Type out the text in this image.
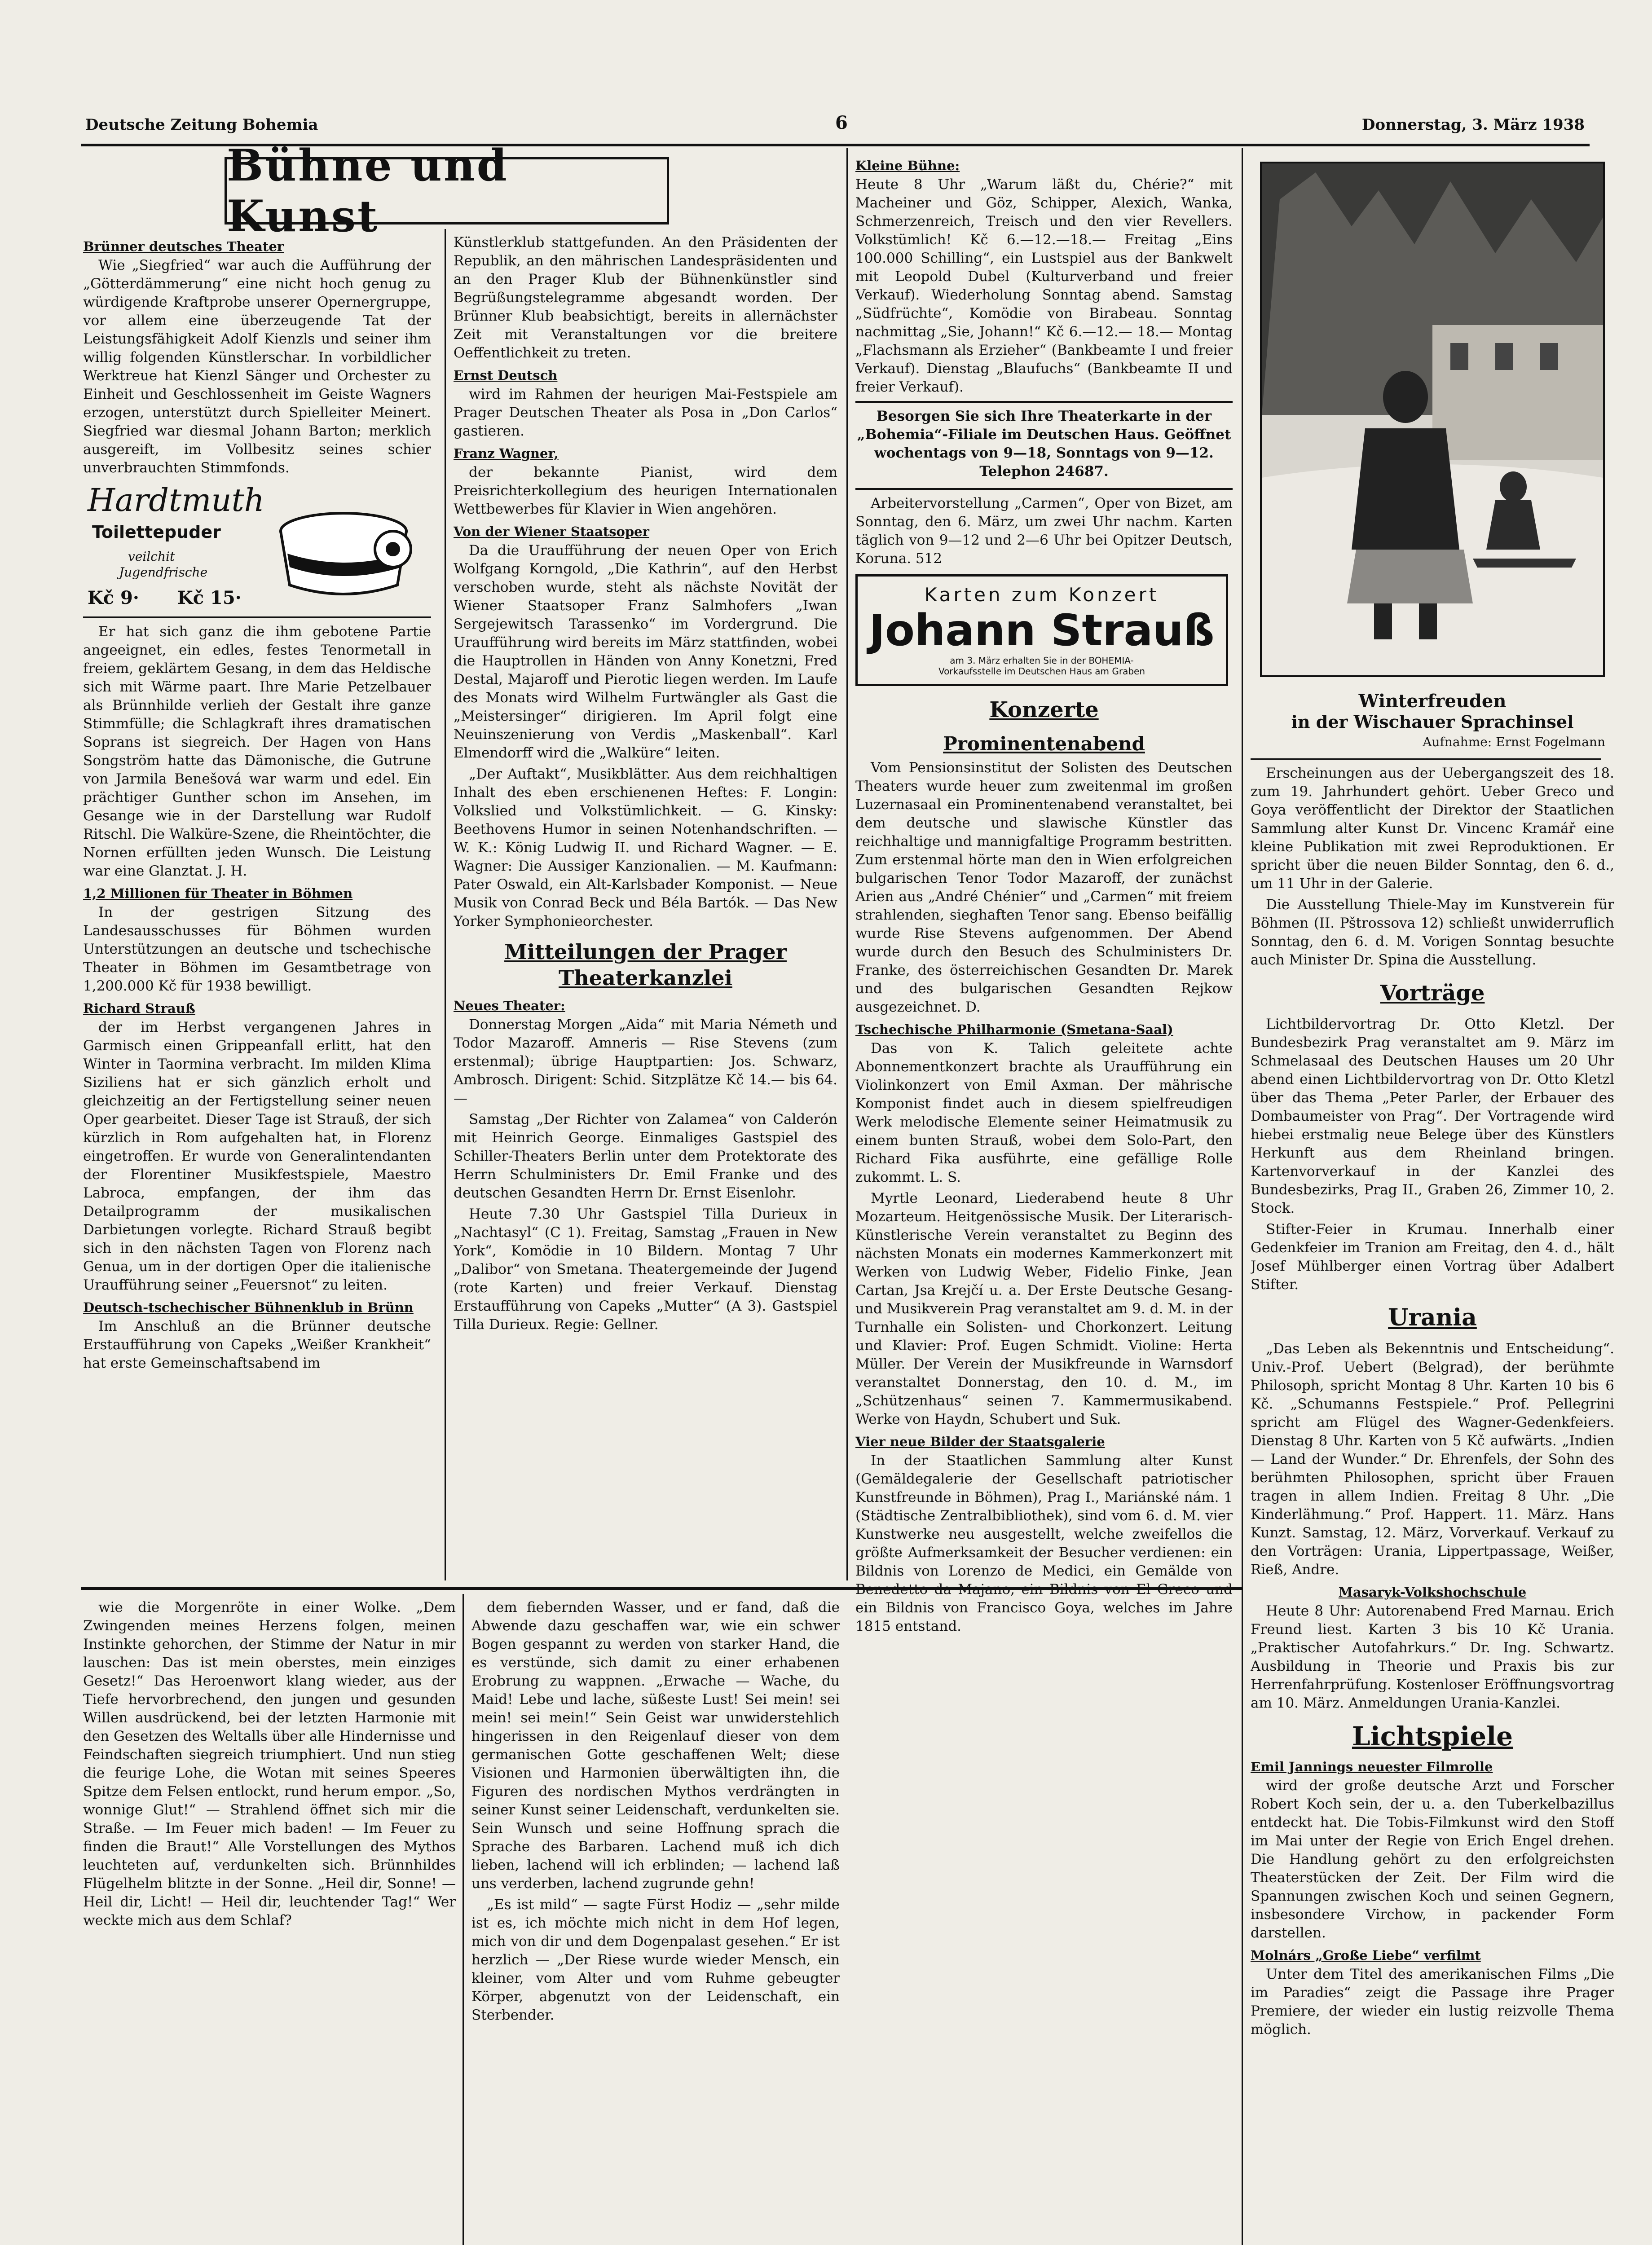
Deutsche Zeitung Bohemia	6	Donnerstag, 3. März 1938
Bühne und Kunst
Brünner deutsches Theater

Wie „Siegfried“ war auch die Aufführung der „Götterdämmerung“ eine nicht hoch genug zu würdigende Kraftprobe unserer Opernergruppe, vor allem eine überzeugende Tat der Leistungsfähigkeit Adolf Kienzls und seiner ihm willig folgenden Künstlerschar. In vorbildlicher Werktreue hat Kienzl Sänger und Orchester zu Einheit und Geschlossenheit im Geiste Wagners erzogen, unterstützt durch Spielleiter Meinert. Siegfried war diesmal Johann Barton; merklich ausgereift, im Vollbesitz seines schier unverbrauchten Stimmfonds.

Hardtmuth
Toilettepuder
veilchit
Jugendfrische
Kč 9· Kč 15·

Er hat sich ganz die ihm gebotene Partie angeeignet, ein edles, festes Tenormetall in freiem, geklärtem Gesang, in dem das Heldische sich mit Wärme paart. Ihre Marie Petzelbauer als Brünnhilde verlieh der Gestalt ihre ganze Stimmfülle; die Schlagkraft ihres dramatischen Soprans ist siegreich. Der Hagen von Hans Songström hatte das Dämonische, die Gutrune von Jarmila Benešová war warm und edel. Ein prächtiger Gunther schon im Ansehen, im Gesange wie in der Darstellung war Rudolf Ritschl. Die Walküre-Szene, die Rheintöchter, die Nornen erfüllten jeden Wunsch. Die Leistung war eine Glanztat. J. H.

1,2 Millionen für Theater in Böhmen

In der gestrigen Sitzung des Landesausschusses für Böhmen wurden Unterstützungen an deutsche und tschechische Theater in Böhmen im Gesamtbetrage von 1,200.000 Kč für 1938 bewilligt.

Richard Strauß

der im Herbst vergangenen Jahres in Garmisch einen Grippeanfall erlitt, hat den Winter in Taormina verbracht. Im milden Klima Siziliens hat er sich gänzlich erholt und gleichzeitig an der Fertigstellung seiner neuen Oper gearbeitet. Dieser Tage ist Strauß, der sich kürzlich in Rom aufgehalten hat, in Florenz eingetroffen. Er wurde von Generalintendanten der Florentiner Musikfestspiele, Maestro Labroca, empfangen, der ihm das Detailprogramm der musikalischen Darbietungen vorlegte. Richard Strauß begibt sich in den nächsten Tagen von Florenz nach Genua, um in der dortigen Oper die italienische Uraufführung seiner „Feuersnot“ zu leiten.

Deutsch-tschechischer Bühnenklub in Brünn

Im Anschluß an die Brünner deutsche Erstaufführung von Capeks „Weißer Krankheit“ hat erste Gemeinschaftsabend im

Künstlerklub stattgefunden. An den Präsidenten der Republik, an den mährischen Landespräsidenten und an den Prager Klub der Bühnenkünstler sind Begrüßungstelegramme abgesandt worden. Der Brünner Klub beabsichtigt, bereits in allernächster Zeit mit Veranstaltungen vor die breitere Oeffentlichkeit zu treten.

Ernst Deutsch

wird im Rahmen der heurigen Mai-Festspiele am Prager Deutschen Theater als Posa in „Don Carlos“ gastieren.

Franz Wagner,

der bekannte Pianist, wird dem Preisrichterkollegium des heurigen Internationalen Wettbewerbes für Klavier in Wien angehören.

Von der Wiener Staatsoper

Da die Uraufführung der neuen Oper von Erich Wolfgang Korngold, „Die Kathrin“, auf den Herbst verschoben wurde, steht als nächste Novität der Wiener Staatsoper Franz Salmhofers „Iwan Sergejewitsch Tarassenko“ im Vordergrund. Die Uraufführung wird bereits im März stattfinden, wobei die Hauptrollen in Händen von Anny Konetzni, Fred Destal, Majaroff und Pierotic liegen werden. Im Laufe des Monats wird Wilhelm Furtwängler als Gast die „Meistersinger“ dirigieren. Im April folgt eine Neuinszenierung von Verdis „Maskenball“. Karl Elmendorff wird die „Walküre“ leiten.

„Der Auftakt“, Musikblätter. Aus dem reichhaltigen Inhalt des eben erschienenen Heftes: F. Longin: Volkslied und Volkstümlichkeit. — G. Kinsky: Beethovens Humor in seinen Notenhandschriften. — W. K.: König Ludwig II. und Richard Wagner. — E. Wagner: Die Aussiger Kanzionalien. — M. Kaufmann: Pater Oswald, ein Alt-Karlsbader Komponist. — Neue Musik von Conrad Beck und Béla Bartók. — Das New Yorker Symphonieorchester.

Mitteilungen der Prager Theaterkanzlei
Neues Theater:

Donnerstag Morgen „Aida“ mit Maria Németh und Todor Mazaroff. Amneris — Rise Stevens (zum erstenmal); übrige Hauptpartien: Jos. Schwarz, Ambrosch. Dirigent: Schid. Sitzplätze Kč 14.— bis 64.—

Samstag „Der Richter von Zalamea“ von Calderón mit Heinrich George. Einmaliges Gastspiel des Schiller-Theaters Berlin unter dem Protektorate des Herrn Schulministers Dr. Emil Franke und des deutschen Gesandten Herrn Dr. Ernst Eisenlohr.

Heute 7.30 Uhr Gastspiel Tilla Durieux in „Nachtasyl“ (C 1). Freitag, Samstag „Frauen in New York“, Komödie in 10 Bildern. Montag 7 Uhr „Dalibor“ von Smetana. Theatergemeinde der Jugend (rote Karten) und freier Verkauf. Dienstag Erstaufführung von Capeks „Mutter“ (A 3). Gastspiel Tilla Durieux. Regie: Gellner.

Kleine Bühne:

Heute 8 Uhr „Warum läßt du, Chérie?“ mit Macheiner und Göz, Schipper, Alexich, Wanka, Schmerzenreich, Treisch und den vier Revellers. Volkstümlich! Kč 6.—12.—18.— Freitag „Eins 100.000 Schilling“, ein Lustspiel aus der Bankwelt mit Leopold Dubel (Kulturverband und freier Verkauf). Wiederholung Sonntag abend. Samstag „Südfrüchte“, Komödie von Birabeau. Sonntag nachmittag „Sie, Johann!“ Kč 6.—12.— 18.— Montag „Flachsmann als Erzieher“ (Bankbeamte I und freier Verkauf). Dienstag „Blaufuchs“ (Bankbeamte II und freier Verkauf).

Besorgen Sie sich Ihre Theaterkarte in der „Bohemia“-Filiale im Deutschen Haus. Geöffnet wochentags von 9—18, Sonntags von 9—12. Telephon 24687.

Arbeitervorstellung „Carmen“, Oper von Bizet, am Sonntag, den 6. März, um zwei Uhr nachm. Karten täglich von 9—12 und 2—6 Uhr bei Opitzer Deutsch, Koruna. 512

Karten zum Konzert
Johann Strauß
am 3. März erhalten Sie in der BOHEMIA-
Vorkaufsstelle im Deutschen Haus am Graben
Konzerte
Prominentenabend

Vom Pensionsinstitut der Solisten des Deutschen Theaters wurde heuer zum zweitenmal im großen Luzernasaal ein Prominentenabend veranstaltet, bei dem deutsche und slawische Künstler das reichhaltige und mannigfaltige Programm bestritten. Zum erstenmal hörte man den in Wien erfolgreichen bulgarischen Tenor Todor Mazaroff, der zunächst Arien aus „André Chénier“ und „Carmen“ mit freiem strahlenden, sieghaften Tenor sang. Ebenso beifällig wurde Rise Stevens aufgenommen. Der Abend wurde durch den Besuch des Schulministers Dr. Franke, des österreichischen Gesandten Dr. Marek und des bulgarischen Gesandten Rejkow ausgezeichnet. D.

Tschechische Philharmonie (Smetana-Saal)

Das von K. Talich geleitete achte Abonnementkonzert brachte als Uraufführung ein Violinkonzert von Emil Axman. Der mährische Komponist findet auch in diesem spielfreudigen Werk melodische Elemente seiner Heimatmusik zu einem bunten Strauß, wobei dem Solo-Part, den Richard Fika ausführte, eine gefällige Rolle zukommt. L. S.

Myrtle Leonard, Liederabend heute 8 Uhr Mozarteum. Heitgenössische Musik. Der Literarisch-Künstlerische Verein veranstaltet zu Beginn des nächsten Monats ein modernes Kammerkonzert mit Werken von Ludwig Weber, Fidelio Finke, Jean Cartan, Jsa Krejčí u. a. Der Erste Deutsche Gesang- und Musikverein Prag veranstaltet am 9. d. M. in der Turnhalle ein Solisten- und Chorkonzert. Leitung und Klavier: Prof. Eugen Schmidt. Violine: Herta Müller. Der Verein der Musikfreunde in Warnsdorf veranstaltet Donnerstag, den 10. d. M., im „Schützenhaus“ seinen 7. Kammermusikabend. Werke von Haydn, Schubert und Suk.

Vier neue Bilder der Staatsgalerie

In der Staatlichen Sammlung alter Kunst (Gemäldegalerie der Gesellschaft patriotischer Kunstfreunde in Böhmen), Prag I., Mariánské nám. 1 (Städtische Zentralbibliothek), sind vom 6. d. M. vier Kunstwerke neu ausgestellt, welche zweifellos die größte Aufmerksamkeit der Besucher verdienen: ein Bildnis von Lorenzo de Medici, ein Gemälde von ein Bildnis von Francisco Goya, welches im Jahre 1815 entstand.

Winterfreuden
in der Wischauer Sprachinsel
Aufnahme: Ernst Fogelmann

Erscheinungen aus der Uebergangszeit des 18. zum 19. Jahrhundert gehört. Ueber Greco und Goya veröffentlicht der Direktor der Staatlichen Sammlung alter Kunst Dr. Vincenc Kramář eine kleine Publikation mit zwei Reproduktionen. Er spricht über die neuen Bilder Sonntag, den 6. d., um 11 Uhr in der Galerie.

Die Ausstellung Thiele-May im Kunstverein für Böhmen (II. Pštrossova 12) schließt unwiderruflich Sonntag, den 6. d. M. Vorigen Sonntag besuchte auch Minister Dr. Spina die Ausstellung.

Vorträge

Lichtbildervortrag Dr. Otto Kletzl. Der Bundesbezirk Prag veranstaltet am 9. März im Schmelasaal des Deutschen Hauses um 20 Uhr abend einen Lichtbildervortrag von Dr. Otto Kletzl über das Thema „Peter Parler, der Erbauer des Dombaumeister von Prag“. Der Vortragende wird hiebei erstmalig neue Belege über des Künstlers Herkunft aus dem Rheinland bringen. Kartenvorverkauf in der Kanzlei des Bundesbezirks, Prag II., Graben 26, Zimmer 10, 2. Stock.

Stifter-Feier in Krumau. Innerhalb einer Gedenkfeier im Tranion am Freitag, den 4. d., hält Josef Mühlberger einen Vortrag über Adalbert Stifter.

Urania

„Das Leben als Bekenntnis und Entscheidung“. Univ.-Prof. Uebert (Belgrad), der berühmte Philosoph, spricht Montag 8 Uhr. Karten 10 bis 6 Kč. „Schumanns Festspiele.“ Prof. Pellegrini spricht am Flügel des Wagner-Gedenkfeiers. Dienstag 8 Uhr. Karten von 5 Kč aufwärts. „Indien — Land der Wunder.“ Dr. Ehrenfels, der Sohn des berühmten Philosophen, spricht über Frauen tragen in allem Indien. Freitag 8 Uhr. „Die Kinderlähmung.“ Prof. Happert. 11. März. Hans Kunzt. Samstag, 12. März, Vorverkauf. Verkauf zu den Vorträgen: Urania, Lippertpassage, Weißer, Rieß, Andre.

Masaryk-Volkshochschule

Heute 8 Uhr: Autorenabend Fred Marnau. Erich Freund liest. Karten 3 bis 10 Kč Urania. „Praktischer Autofahrkurs.“ Dr. Ing. Schwartz. Ausbildung in Theorie und Praxis bis zur Herrenfahrprüfung. Kostenloser Eröffnungsvortrag am 10. März. Anmeldungen Urania-Kanzlei.

Lichtspiele
Emil Jannings neuester Filmrolle

wird der große deutsche Arzt und Forscher Robert Koch sein, der u. a. den Tuberkelbazillus entdeckt hat. Die Tobis-Filmkunst wird den Stoff im Mai unter der Regie von Erich Engel drehen. Die Handlung gehört zu den erfolgreichsten Theaterstücken der Zeit. Der Film wird die Spannungen zwischen Koch und seinen Gegnern, insbesondere Virchow, in packender Form darstellen.

Molnárs „Große Liebe“ verfilmt

Unter dem Titel des amerikanischen Films „Die im Paradies“ zeigt die Passage ihre Prager Premiere, der wieder ein lustig reizvolle Thema möglich.

wie die Morgenröte in einer Wolke. „Dem Zwingenden meines Herzens folgen, meinen Instinkte gehorchen, der Stimme der Natur in mir lauschen: Das ist mein oberstes, mein einziges Gesetz!“ Das Heroenwort klang wieder, aus der Tiefe hervorbrechend, den jungen und gesunden Willen ausdrückend, bei der letzten Harmonie mit den Gesetzen des Weltalls über alle Hindernisse und Feindschaften siegreich triumphiert. Und nun stieg die feurige Lohe, die Wotan mit seines Speeres Spitze dem Felsen entlockt, rund herum empor. „So, wonnige Glut!“ — Strahlend öffnet sich mir die Straße. — Im Feuer mich baden! — Im Feuer zu finden die Braut!“ Alle Vorstellungen des Mythos leuchteten auf, verdunkelten sich. Brünnhildes Flügelhelm blitzte in der Sonne. „Heil dir, Sonne! — Heil dir, Licht! — Heil dir, leuchtender Tag!“ Wer weckte mich aus dem Schlaf?

dem fiebernden Wasser, und er fand, daß die Abwende dazu geschaffen war, wie ein schwer Bogen gespannt zu werden von starker Hand, die es verstünde, sich damit zu einer erhabenen Erobrung zu wappnen. „Erwache — Wache, du Maid! Lebe und lache, süßeste Lust! Sei mein! sei mein! sei mein!“ Sein Geist war unwiderstehlich hingerissen in den Reigenlauf dieser von dem germanischen Gotte geschaffenen Welt; diese Visionen und Harmonien überwältigten ihn, die Figuren des nordischen Mythos verdrängten in seiner Kunst seiner Leidenschaft, verdunkelten sie. Sein Wunsch und seine Hoffnung sprach die Sprache des Barbaren. Lachend muß ich dich lieben, lachend will ich erblinden; — lachend laß uns verderben, lachend zugrunde gehn!

„Es ist mild“ — sagte Fürst Hodiz — „sehr milde ist es, ich möchte mich nicht in dem Hof legen, mich von dir und dem Dogenpalast gesehen.“ Er ist herzlich — „Der Riese wurde wieder Mensch, ein kleiner, vom Alter und vom Ruhme gebeugter Körper, abgenutzt von der Leidenschaft, ein Sterbender.
